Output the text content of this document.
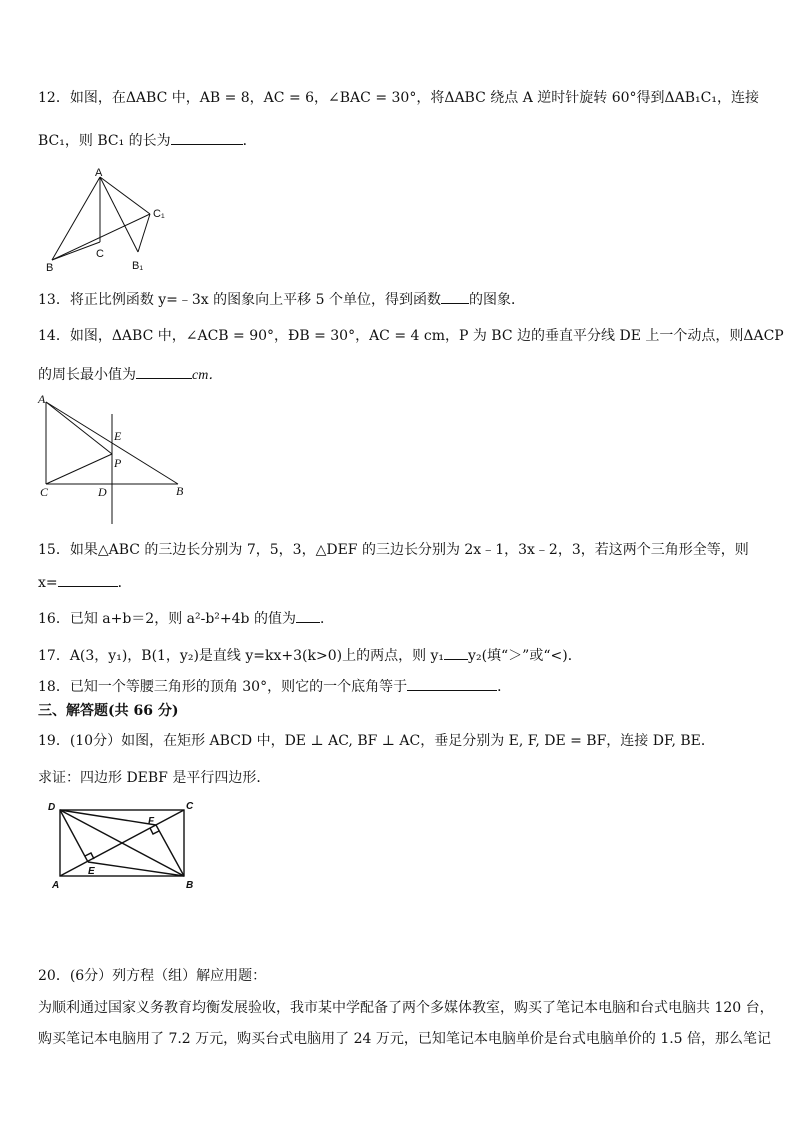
12．如图，在ΔABC 中，AB = 8，AC = 6，∠BAC = 30°，将ΔABC 绕点 A 逆时针旋转 60°得到ΔAB₁C₁，连接
BC₁，则 BC₁ 的长为	．
A
B
C
C₁
B₁
13．将正比例函数 y=﹣3x 的图象向上平移 5 个单位，得到函数 的图象．
14．如图，ΔABC 中，∠ACB = 90°，ÐB = 30°，AC = 4 cm，P 为 BC 边的垂直平分线 DE 上一个动点，则ΔACP
的周长最小值为	cm．
A
E
P
C	D	B
15．如果△ABC 的三边长分别为 7，5，3，△DEF 的三边长分别为 2x﹣1，3x﹣2，3，若这两个三角形全等，则
x=	．
16．已知 a+b＝2，则 a²-b²+4b 的值为 ．
17．A(3，y₁)，B(1，y₂)是直线 y=kx+3(k>0)上的两点，则 y₁ y₂(填“＞”或“<)．
18．已知一个等腰三角形的顶角 30°，则它的一个底角等于	．
三、解答题(共 66 分)
19．(10分）如图，在矩形 ABCD 中，DE ⊥ AC, BF ⊥ AC，垂足分别为 E, F, DE = BF，连接 DF, BE．
求证：四边形 DEBF 是平行四边形．
D	C
F
E
A	B
20．(6分）列方程（组）解应用题：
为顺利通过国家义务教育均衡发展验收，我市某中学配备了两个多媒体教室，购买了笔记本电脑和台式电脑共 120 台，
购买笔记本电脑用了 7.2 万元，购买台式电脑用了 24 万元，已知笔记本电脑单价是台式电脑单价的 1.5 倍，那么笔记
